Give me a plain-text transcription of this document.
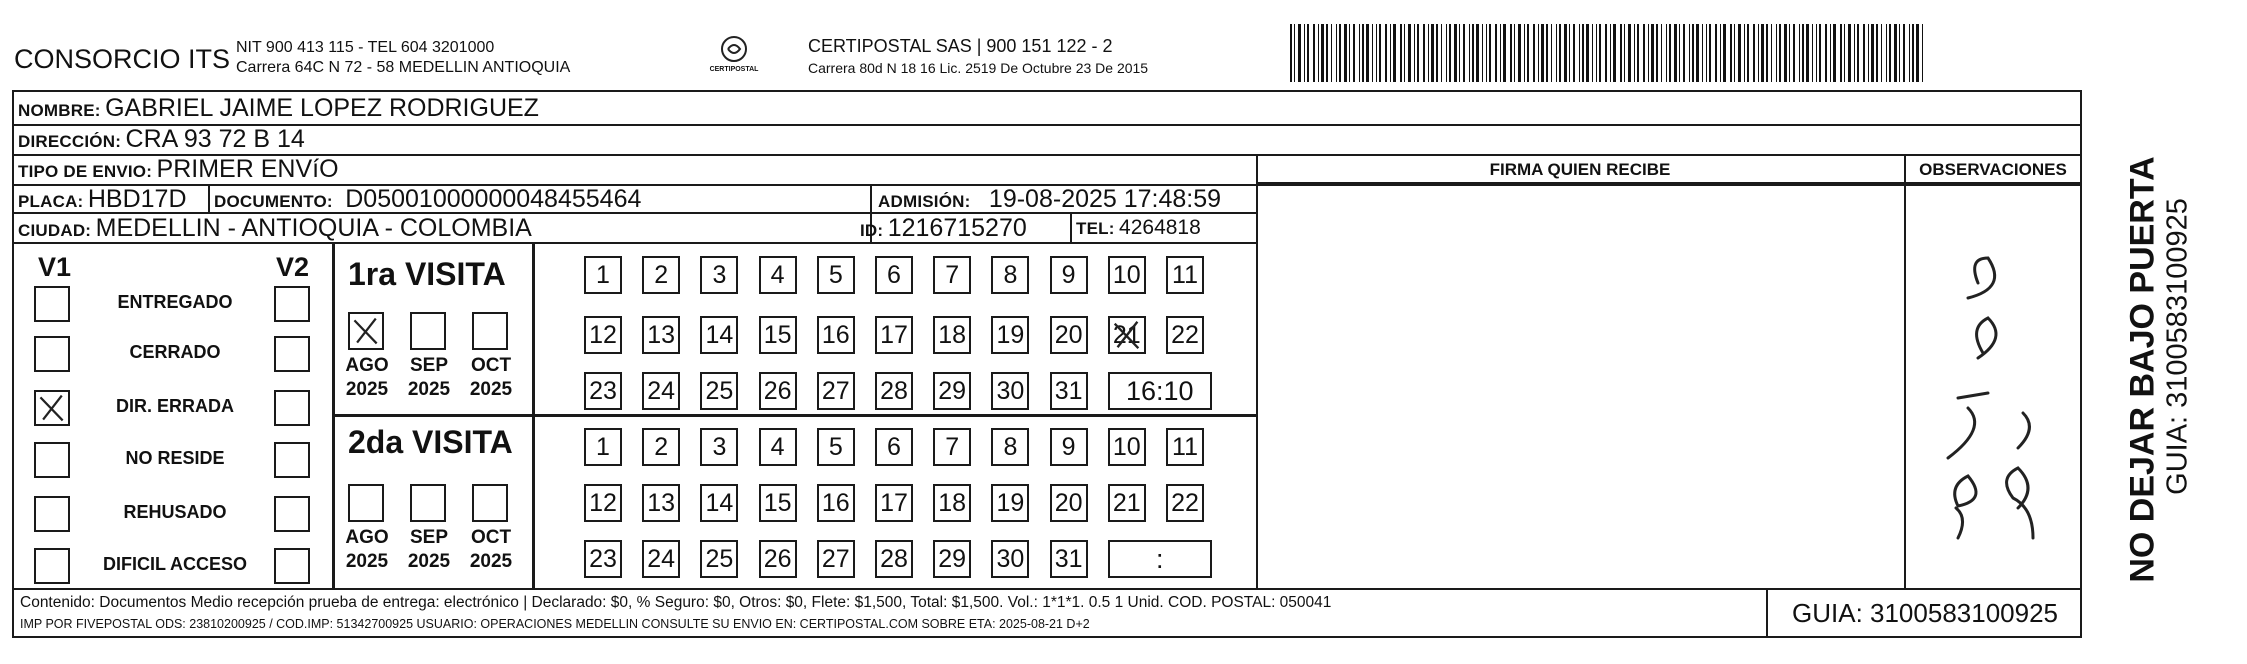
CONSORCIO ITS NIT 900 413 115 - TEL 604 3201000
Carrera 64C N 72 - 58 MEDELLIN ANTIOQUIA	CERTIPOSTAL
CERTIPOSTAL SAS | 900 151 122 - 2
Carrera 80d N 18 16 Lic. 2519 De Octubre 23 De 2015
NOMBRE: GABRIEL JAIME LOPEZ RODRIGUEZ
DIRECCIÓN: CRA 93 72 B 14
TIPO DE ENVIO: PRIMER ENVíO
PLACA: HBD17D DOCUMENTO: D05001000000048455464	ADMISIÓN: 19-08-2025 17:48:59
CIUDAD: MEDELLIN - ANTIOQUIA - COLOMBIA	ID: 1216715270	TEL: 4264818
FIRMA QUIEN RECIBE	OBSERVACIONES
V1	V2
ENTREGADO
CERRADO
DIR. ERRADA
NO RESIDE
REHUSADO
DIFICIL ACCESO
1ra VISITA
2da VISITA
AGO
2025
SEP
2025
OCT
2025
AGO
2025
SEP
2025
OCT
2025
1 2 3 4 5 6 7 8 9 10 11
12 13 14 15 16 17 18 19 20 21 22
23 24 25 26 27 28 29 30 31 16:10
1 2 3 4 5 6 7 8 9 10 11
12 13 14 15 16 17 18 19 20 21 22
23 24 25 26 27 28 29 30 31	:
Contenido: Documentos Medio recepción prueba de entrega: electrónico | Declarado: $0, % Seguro: $0, Otros: $0, Flete: $1,500, Total: $1,500. Vol.: 1*1*1. 0.5 1 Unid. COD. POSTAL: 050041
IMP POR FIVEPOSTAL ODS: 23810200925 / COD.IMP: 51342700925 USUARIO: OPERACIONES MEDELLIN CONSULTE SU ENVIO EN: CERTIPOSTAL.COM SOBRE ETA: 2025-08-21 D+2	GUIA: 3100583100925
NO DEJAR BAJO PUERTA GUIA: 3100583100925
